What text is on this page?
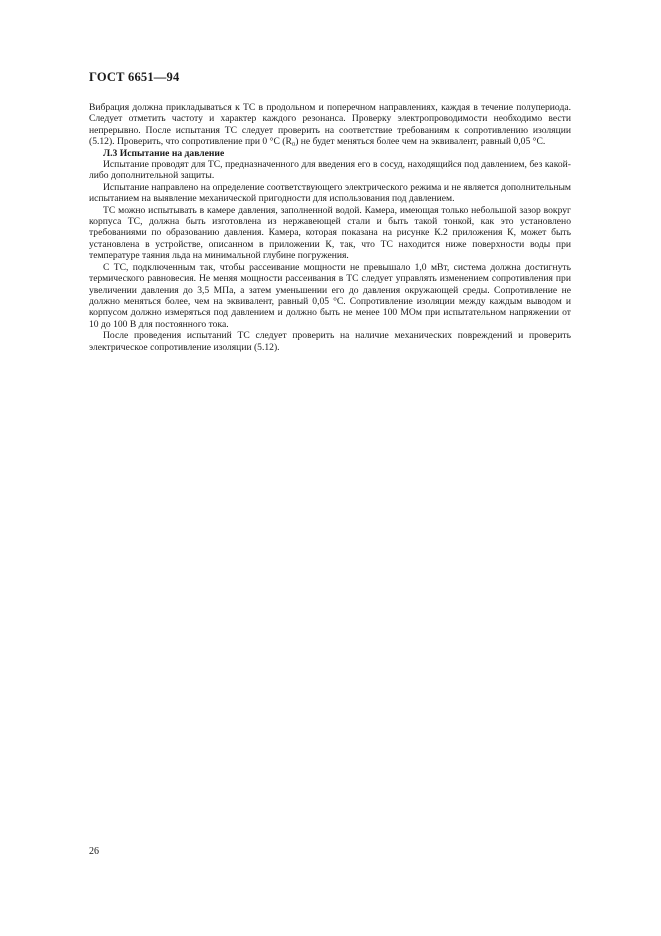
ГОСТ 6651—94

Вибрация должна прикладываться к ТС в продольном и поперечном направлениях, каждая в течение полупериода. Следует отметить частоту и характер каждого резонанса. Проверку электропроводимости необходимо вести непрерывно. После испытания ТС следует проверить на соответствие требованиям к сопротивлению изоляции (5.12). Проверить, что сопротивление при 0 °С (R₀) не будет меняться более чем на эквивалент, равный 0,05 °С.

Л.3 Испытание на давление

Испытание проводят для ТС, предназначенного для введения его в сосуд, находящийся под давлением, без какой-либо дополнительной защиты.

Испытание направлено на определение соответствующего электрического режима и не является дополнительным испытанием на выявление механической пригодности для использования под давлением.

ТС можно испытывать в камере давления, заполненной водой. Камера, имеющая только небольшой зазор вокруг корпуса ТС, должна быть изготовлена из нержавеющей стали и быть такой тонкой, как это установлено требованиями по образованию давления. Камера, которая показана на рисунке К.2 приложения К, может быть установлена в устройстве, описанном в приложении К, так, что ТС находится ниже поверхности воды при температуре таяния льда на минимальной глубине погружения.

С ТС, подключенным так, чтобы рассеивание мощности не превышало 1,0 мВт, система должна достигнуть термического равновесия. Не меняя мощности рассеивания в ТС следует управлять изменением сопротивления при увеличении давления до 3,5 МПа, а затем уменьшении его до давления окружающей среды. Сопротивление не должно меняться более, чем на эквивалент, равный 0,05 °С. Сопротивление изоляции между каждым выводом и корпусом должно измеряться под давлением и должно быть не менее 100 МОм при испытательном напряжении от 10 до 100 В для постоянного тока.

После проведения испытаний ТС следует проверить на наличие механических повреждений и проверить электрическое сопротивление изоляции (5.12).

26
